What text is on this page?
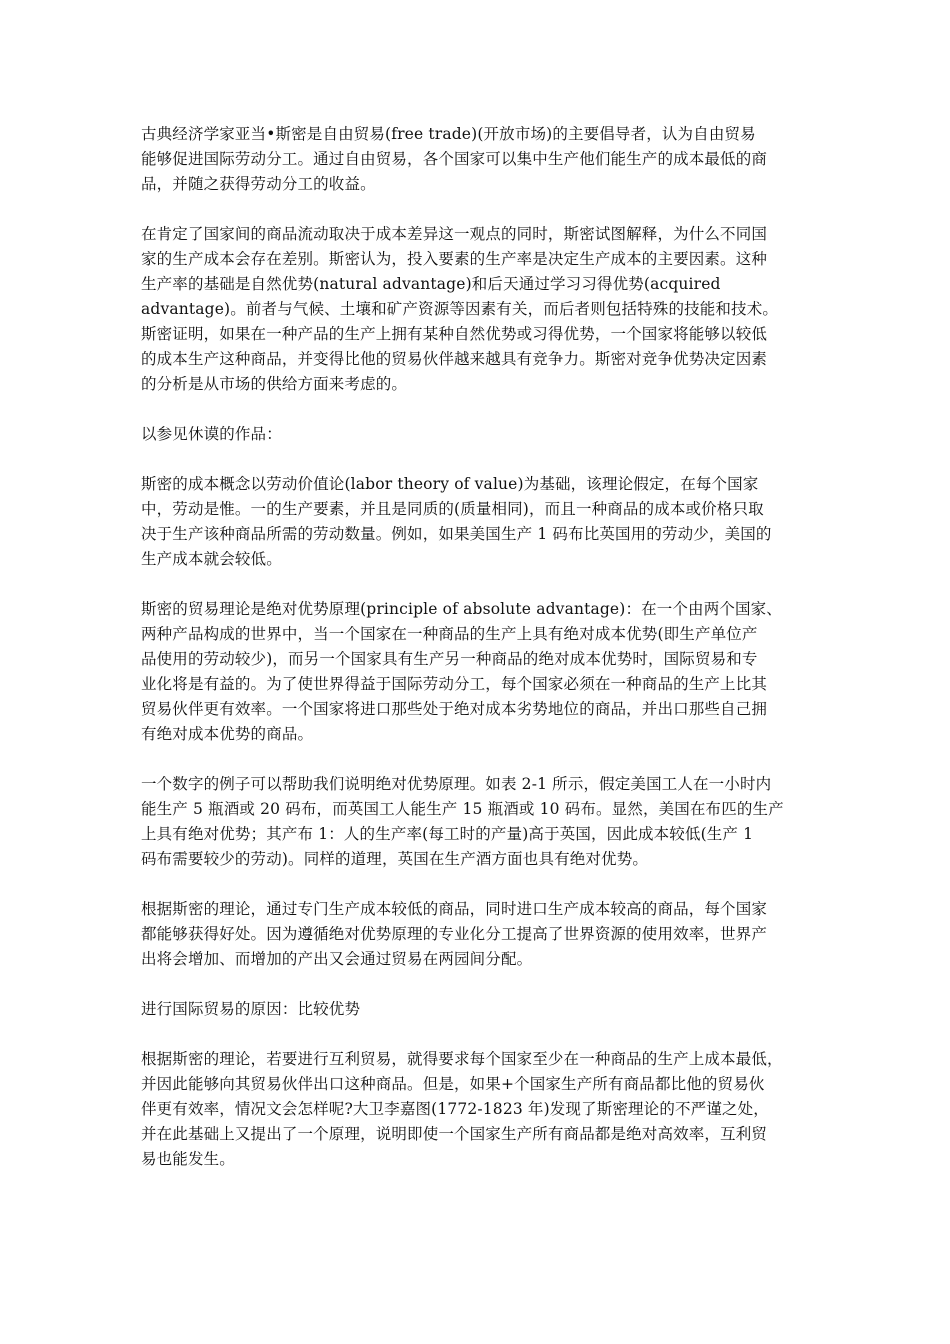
古典经济学家亚当•斯密是自由贸易(free trade)(开放市场)的主要倡导者，认为自由贸易
能够促进国际劳动分工。通过自由贸易，各个国家可以集中生产他们能生产的成本最低的商
品，并随之获得劳动分工的收益。
在肯定了国家间的商品流动取决于成本差异这一观点的同时，斯密试图解释，为什么不同国
家的生产成本会存在差别。斯密认为，投入要素的生产率是决定生产成本的主要因素。这种
生产率的基础是自然优势(natural advantage)和后天通过学习习得优势(acquired
advantage)。前者与气候、土壤和矿产资源等因素有关，而后者则包括特殊的技能和技术。
斯密证明，如果在一种产品的生产上拥有某种自然优势或习得优势，一个国家将能够以较低
的成本生产这种商品，并变得比他的贸易伙伴越来越具有竞争力。斯密对竞争优势决定因素
的分析是从市场的供给方面来考虑的。
以参见休谟的作品：
斯密的成本概念以劳动价值论(labor theory of value)为基础，该理论假定，在每个国家
中，劳动是惟。一的生产要素，并且是同质的(质量相同)，而且一种商品的成本或价格只取
决于生产该种商品所需的劳动数量。例如，如果美国生产 1 码布比英国用的劳动少，美国的
生产成本就会较低。
斯密的贸易理论是绝对优势原理(principle of absolute advantage)：在一个由两个国家、
两种产品构成的世界中，当一个国家在一种商品的生产上具有绝对成本优势(即生产单位产
品使用的劳动较少)，而另一个国家具有生产另一种商品的绝对成本优势时，国际贸易和专
业化将是有益的。为了使世界得益于国际劳动分工，每个国家必须在一种商品的生产上比其
贸易伙伴更有效率。一个国家将进口那些处于绝对成本劣势地位的商品，并出口那些自己拥
有绝对成本优势的商品。
一个数字的例子可以帮助我们说明绝对优势原理。如表 2-1 所示，假定美国工人在一小时内
能生产 5 瓶酒或 20 码布，而英国工人能生产 15 瓶酒或 10 码布。显然，美国在布匹的生产
上具有绝对优势；其产布 1：人的生产率(每工时的产量)高于英国，因此成本较低(生产 1
码布需要较少的劳动)。同样的道理，英国在生产酒方面也具有绝对优势。
根据斯密的理论，通过专门生产成本较低的商品，同时进口生产成本较高的商品，每个国家
都能够获得好处。因为遵循绝对优势原理的专业化分工提高了世界资源的使用效率，世界产
出将会增加、而增加的产出又会通过贸易在两园间分配。
进行国际贸易的原因：比较优势
根据斯密的理论，若要进行互利贸易，就得要求每个国家至少在一种商品的生产上成本最低，
并因此能够向其贸易伙伴出口这种商品。但是，如果+个国家生产所有商品都比他的贸易伙
伴更有效率，情况文会怎样呢?大卫李嘉图(1772-1823 年)发现了斯密理论的不严谨之处，
并在此基础上又提出了一个原理，说明即使一个国家生产所有商品都是绝对高效率，互利贸
易也能发生。
